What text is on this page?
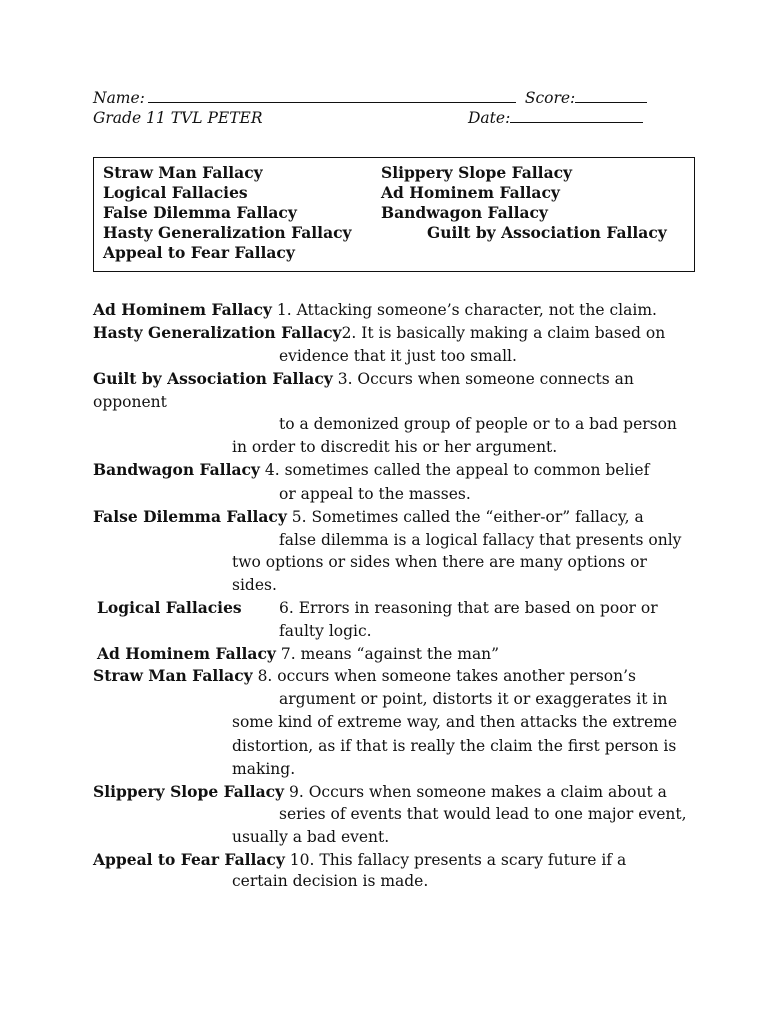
Name:	Score:
Grade 11 TVL PETER	Date:
Straw Man Fallacy	Slippery Slope Fallacy
Logical Fallacies	Ad Hominem Fallacy
False Dilemma Fallacy	Bandwagon Fallacy
Hasty Generalization Fallacy	Guilt by Association Fallacy
Appeal to Fear Fallacy
Ad Hominem Fallacy 1. Attacking someone’s character, not the claim.
Hasty Generalization Fallacy2. It is basically making a claim based on
evidence that it just too small.
Guilt by Association Fallacy 3. Occurs when someone connects an
opponent
to a demonized group of people or to a bad person
in order to discredit his or her argument.
Bandwagon Fallacy 4. sometimes called the appeal to common belief
or appeal to the masses.
False Dilemma Fallacy 5. Sometimes called the “either-or” fallacy, a
false dilemma is a logical fallacy that presents only
two options or sides when there are many options or
sides.
Logical Fallacies 6. Errors in reasoning that are based on poor or
faulty logic.
Ad Hominem Fallacy 7. means “against the man”
Straw Man Fallacy 8. occurs when someone takes another person’s
argument or point, distorts it or exaggerates it in
some kind of extreme way, and then attacks the extreme
distortion, as if that is really the claim the first person is
making.
Slippery Slope Fallacy 9. Occurs when someone makes a claim about a
series of events that would lead to one major event,
usually a bad event.
Appeal to Fear Fallacy 10. This fallacy presents a scary future if a
certain decision is made.
